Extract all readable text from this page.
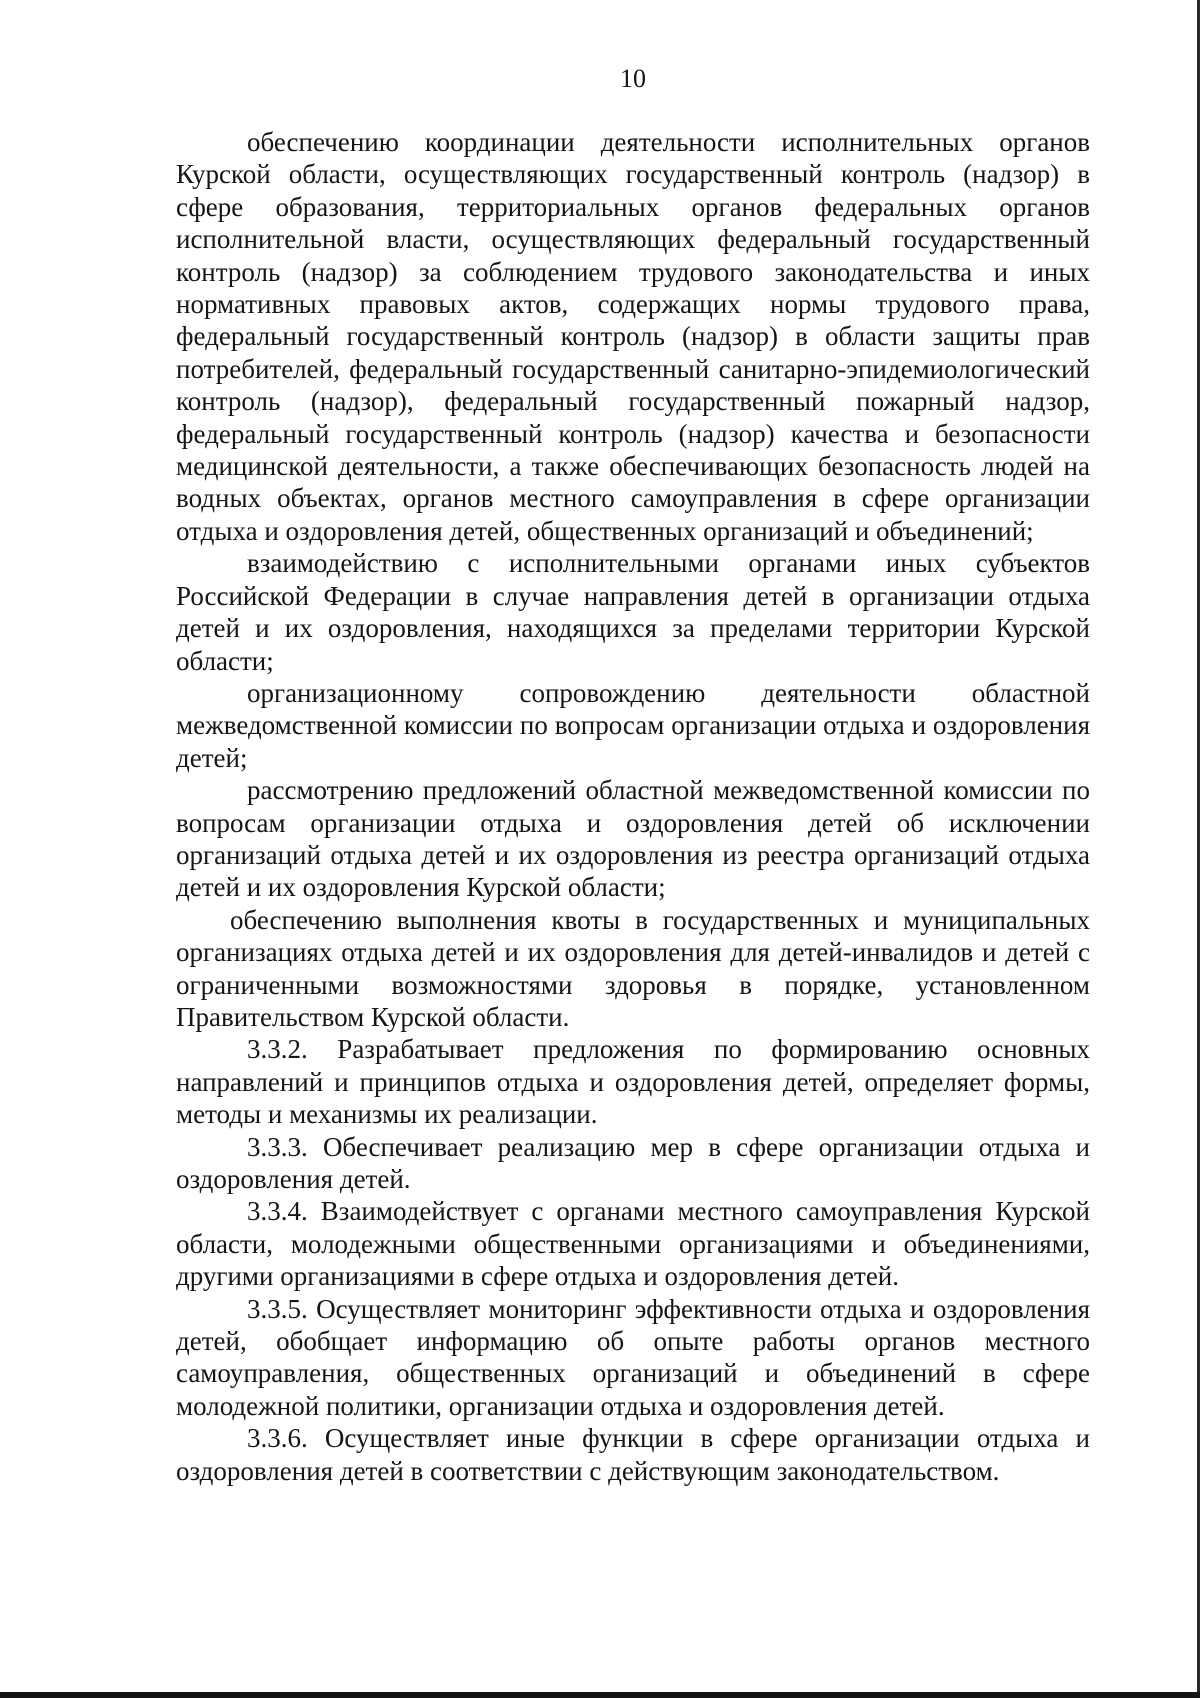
10

обеспечению координации деятельности исполнительных органов Курской области, осуществляющих государственный контроль (надзор) в сфере образования, территориальных органов федеральных органов исполнительной власти, осуществляющих федеральный государственный контроль (надзор) за соблюдением трудового законодательства и иных нормативных правовых актов, содержащих нормы трудового права, федеральный государственный контроль (надзор) в области защиты прав потребителей, федеральный государственный санитарно-эпидемиологический контроль (надзор), федеральный государственный пожарный надзор, федеральный государственный контроль (надзор) качества и безопасности медицинской деятельности, а также обеспечивающих безопасность людей на водных объектах, органов местного самоуправления в сфере организации отдыха и оздоровления детей, общественных организаций и объединений;

взаимодействию с исполнительными органами иных субъектов Российской Федерации в случае направления детей в организации отдыха детей и их оздоровления, находящихся за пределами территории Курской области;

организационному сопровождению деятельности областной межведомственной комиссии по вопросам организации отдыха и оздоровления детей;

рассмотрению предложений областной межведомственной комиссии по вопросам организации отдыха и оздоровления детей об исключении организаций отдыха детей и их оздоровления из реестра организаций отдыха детей и их оздоровления Курской области;

обеспечению выполнения квоты в государственных и муниципальных организациях отдыха детей и их оздоровления для детей-инвалидов и детей с ограниченными возможностями здоровья в порядке, установленном Правительством Курской области.

3.3.2. Разрабатывает предложения по формированию основных направлений и принципов отдыха и оздоровления детей, определяет формы, методы и механизмы их реализации.

3.3.3. Обеспечивает реализацию мер в сфере организации отдыха и оздоровления детей.

3.3.4. Взаимодействует с органами местного самоуправления Курской области, молодежными общественными организациями и объединениями, другими организациями в сфере отдыха и оздоровления детей.

3.3.5. Осуществляет мониторинг эффективности отдыха и оздоровления детей, обобщает информацию об опыте работы органов местного самоуправления, общественных организаций и объединений в сфере молодежной политики, организации отдыха и оздоровления детей.

3.3.6. Осуществляет иные функции в сфере организации отдыха и оздоровления детей в соответствии с действующим законодательством.
